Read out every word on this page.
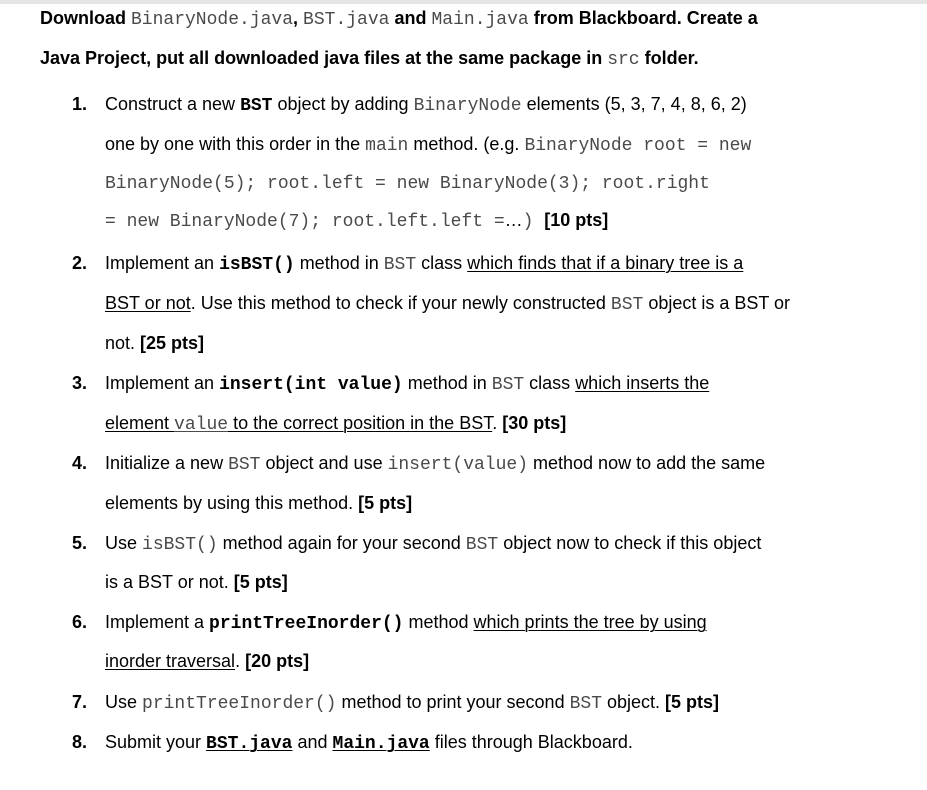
Download BinaryNode.java, BST.java and Main.java from Blackboard. Create a
Java Project, put all downloaded java files at the same package in src folder.
1. Construct a new BST object by adding BinaryNode elements (5, 3, 7, 4, 8, 6, 2)
one by one with this order in the main method. (e.g. BinaryNode root = new
BinaryNode(5); root.left = new BinaryNode(3); root.right
= new BinaryNode(7); root.left.left =…) [10 pts]
2. Implement an isBST() method in BST class which finds that if a binary tree is a
BST or not. Use this method to check if your newly constructed BST object is a BST or
not. [25 pts]
3. Implement an insert(int value) method in BST class which inserts the
element value to the correct position in the BST. [30 pts]
4. Initialize a new BST object and use insert(value) method now to add the same
elements by using this method. [5 pts]
5. Use isBST() method again for your second BST object now to check if this object
is a BST or not. [5 pts]
6. Implement a printTreeInorder() method which prints the tree by using
inorder traversal. [20 pts]
7. Use printTreeInorder() method to print your second BST object. [5 pts]
8. Submit your BST.java and Main.java files through Blackboard.
